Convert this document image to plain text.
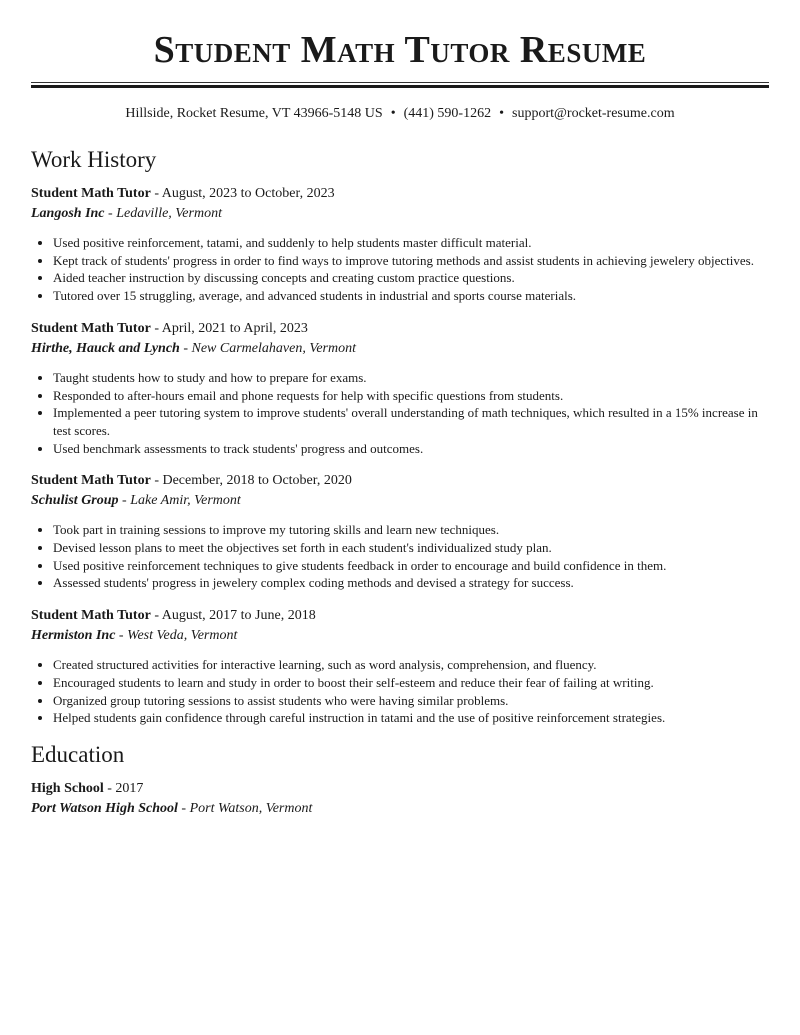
Student Math Tutor Resume
Hillside, Rocket Resume, VT 43966-5148 US • (441) 590-1262 • support@rocket-resume.com
Work History
Student Math Tutor - August, 2023 to October, 2023
Langosh Inc - Ledaville, Vermont
• Used positive reinforcement, tatami, and suddenly to help students master difficult material.
• Kept track of students' progress in order to find ways to improve tutoring methods and assist students in achieving jewelery objectives.
• Aided teacher instruction by discussing concepts and creating custom practice questions.
• Tutored over 15 struggling, average, and advanced students in industrial and sports course materials.
Student Math Tutor - April, 2021 to April, 2023
Hirthe, Hauck and Lynch - New Carmelahaven, Vermont
• Taught students how to study and how to prepare for exams.
• Responded to after-hours email and phone requests for help with specific questions from students.
• Implemented a peer tutoring system to improve students' overall understanding of math techniques, which resulted in a 15% increase in test scores.
• Used benchmark assessments to track students' progress and outcomes.
Student Math Tutor - December, 2018 to October, 2020
Schulist Group - Lake Amir, Vermont
• Took part in training sessions to improve my tutoring skills and learn new techniques.
• Devised lesson plans to meet the objectives set forth in each student's individualized study plan.
• Used positive reinforcement techniques to give students feedback in order to encourage and build confidence in them.
• Assessed students' progress in jewelery complex coding methods and devised a strategy for success.
Student Math Tutor - August, 2017 to June, 2018
Hermiston Inc - West Veda, Vermont
• Created structured activities for interactive learning, such as word analysis, comprehension, and fluency.
• Encouraged students to learn and study in order to boost their self-esteem and reduce their fear of failing at writing.
• Organized group tutoring sessions to assist students who were having similar problems.
• Helped students gain confidence through careful instruction in tatami and the use of positive reinforcement strategies.
Education
High School - 2017
Port Watson High School - Port Watson, Vermont
